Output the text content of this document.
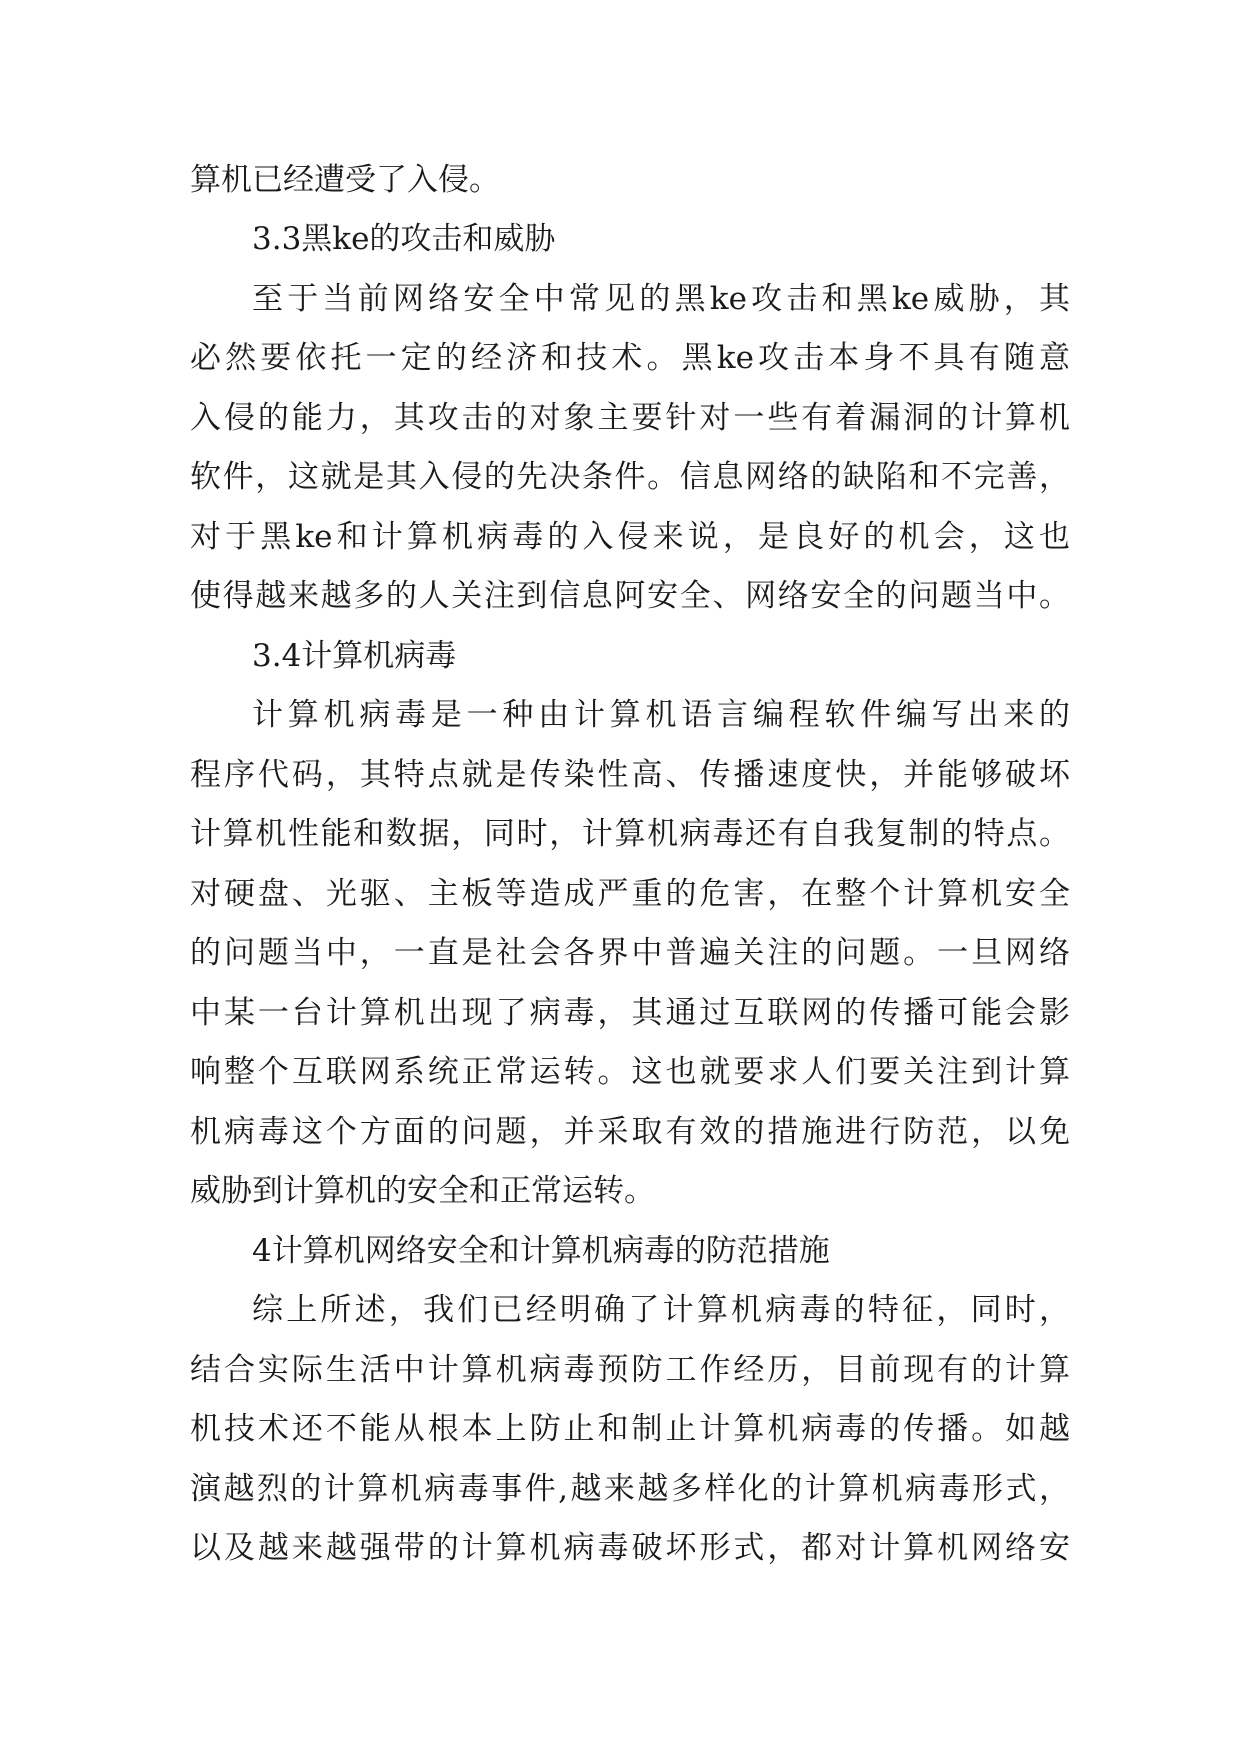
算机已经遭受了入侵。
3.3黑ke的攻击和威胁
至于当前网络安全中常见的黑ke攻击和黑ke威胁，其
必然要依托一定的经济和技术。黑ke攻击本身不具有随意
入侵的能力，其攻击的对象主要针对一些有着漏洞的计算机
软件，这就是其入侵的先决条件。信息网络的缺陷和不完善，
对于黑ke和计算机病毒的入侵来说，是良好的机会，这也
使得越来越多的人关注到信息阿安全、网络安全的问题当中。
3.4计算机病毒
计算机病毒是一种由计算机语言编程软件编写出来的
程序代码，其特点就是传染性高、传播速度快，并能够破坏
计算机性能和数据，同时，计算机病毒还有自我复制的特点。
对硬盘、光驱、主板等造成严重的危害，在整个计算机安全
的问题当中，一直是社会各界中普遍关注的问题。一旦网络
中某一台计算机出现了病毒，其通过互联网的传播可能会影
响整个互联网系统正常运转。这也就要求人们要关注到计算
机病毒这个方面的问题，并采取有效的措施进行防范，以免
威胁到计算机的安全和正常运转。
4计算机网络安全和计算机病毒的防范措施
综上所述，我们已经明确了计算机病毒的特征，同时，
结合实际生活中计算机病毒预防工作经历，目前现有的计算
机技术还不能从根本上防止和制止计算机病毒的传播。如越
演越烈的计算机病毒事件,越来越多样化的计算机病毒形式，
以及越来越强带的计算机病毒破坏形式，都对计算机网络安
